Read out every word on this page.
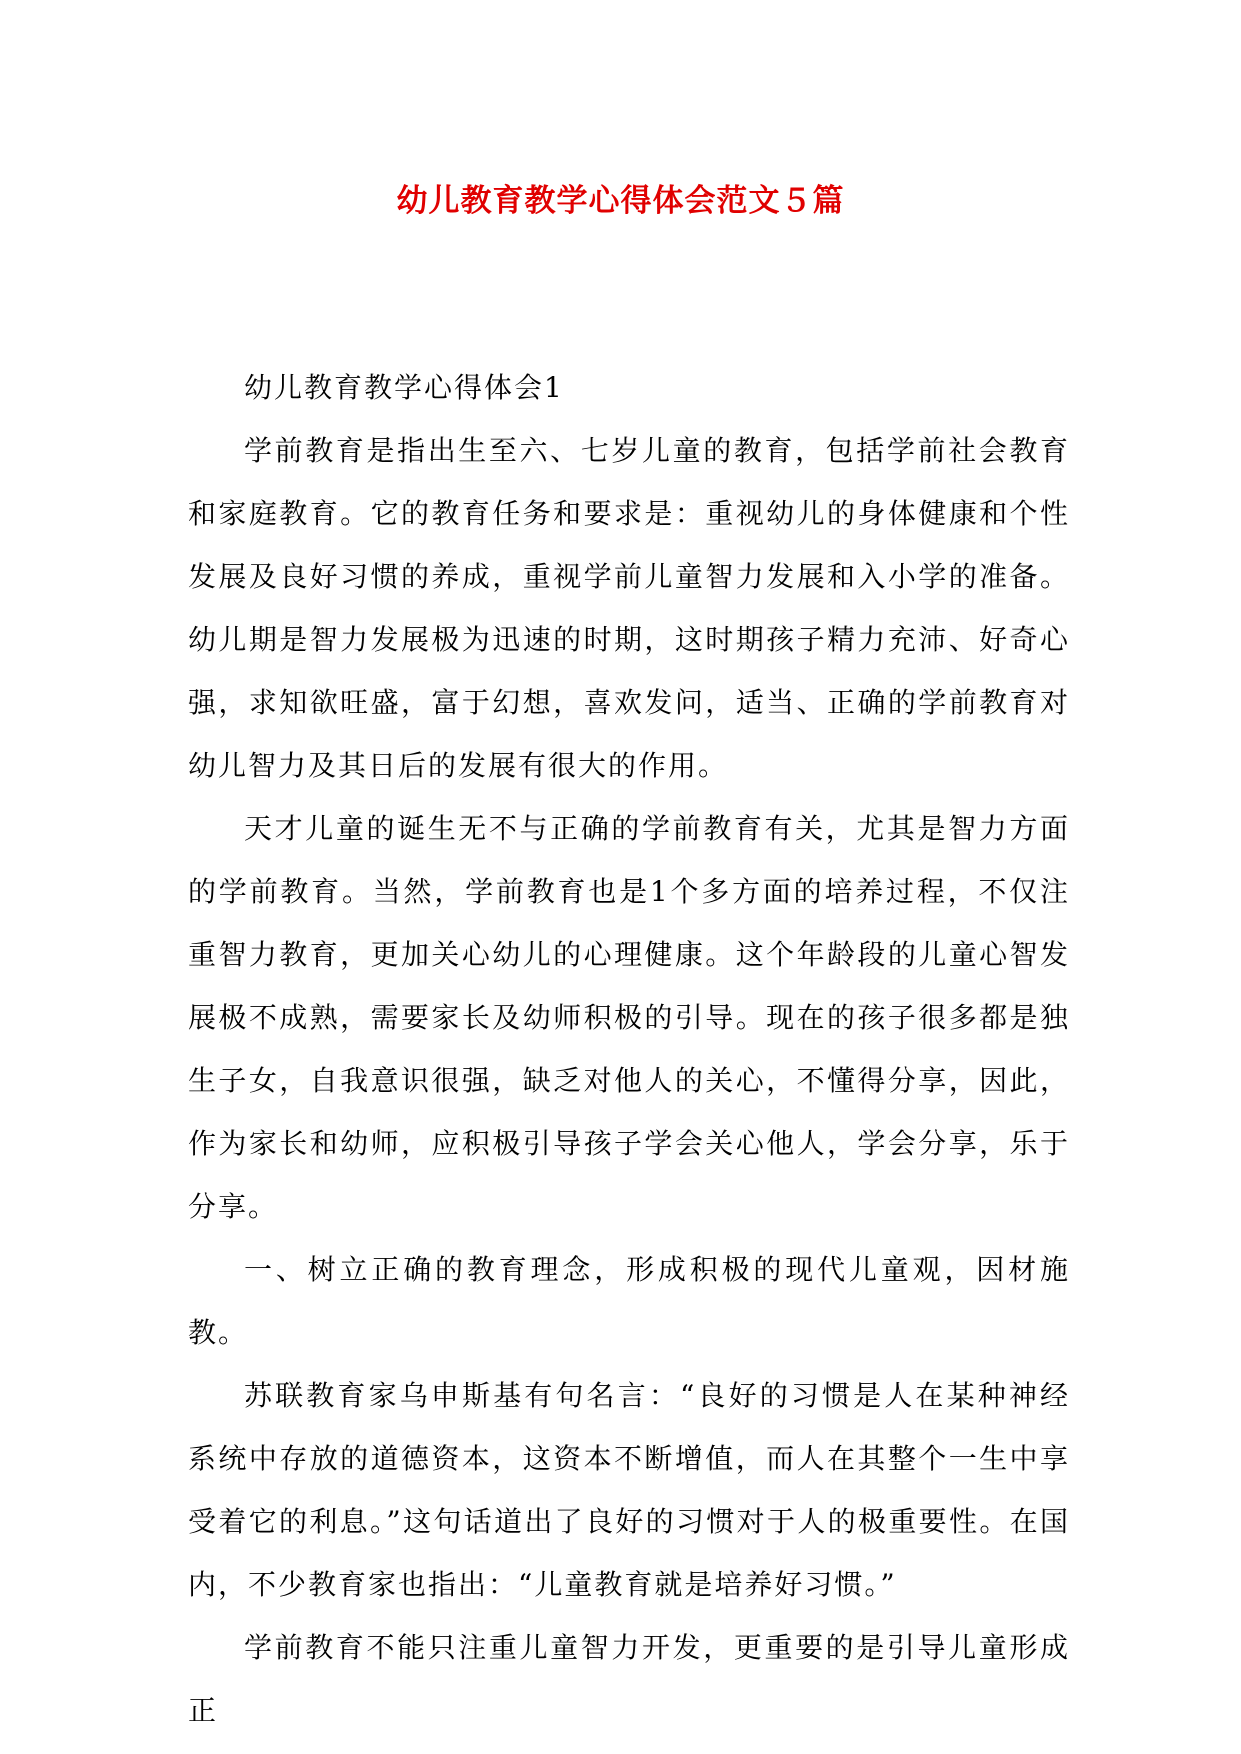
幼儿教育教学心得体会范文５篇

幼儿教育教学心得体会1

学前教育是指出生至六、七岁儿童的教育，包括学前社会教育和家庭教育。它的教育任务和要求是：重视幼儿的身体健康和个性发展及良好习惯的养成，重视学前儿童智力发展和入小学的准备。幼儿期是智力发展极为迅速的时期，这时期孩子精力充沛、好奇心强，求知欲旺盛，富于幻想，喜欢发问，适当、正确的学前教育对幼儿智力及其日后的发展有很大的作用。

天才儿童的诞生无不与正确的学前教育有关，尤其是智力方面的学前教育。当然，学前教育也是1个多方面的培养过程，不仅注重智力教育，更加关心幼儿的心理健康。这个年龄段的儿童心智发展极不成熟，需要家长及幼师积极的引导。现在的孩子很多都是独生子女，自我意识很强，缺乏对他人的关心，不懂得分享，因此，作为家长和幼师，应积极引导孩子学会关心他人，学会分享，乐于分享。

一、树立正确的教育理念，形成积极的现代儿童观，因材施教。

苏联教育家乌申斯基有句名言：“良好的习惯是人在某种神经系统中存放的道德资本，这资本不断增值，而人在其整个一生中享受着它的利息。”这句话道出了良好的习惯对于人的极重要性。在国内，不少教育家也指出：“儿童教育就是培养好习惯。”

学前教育不能只注重儿童智力开发，更重要的是引导儿童形成正
